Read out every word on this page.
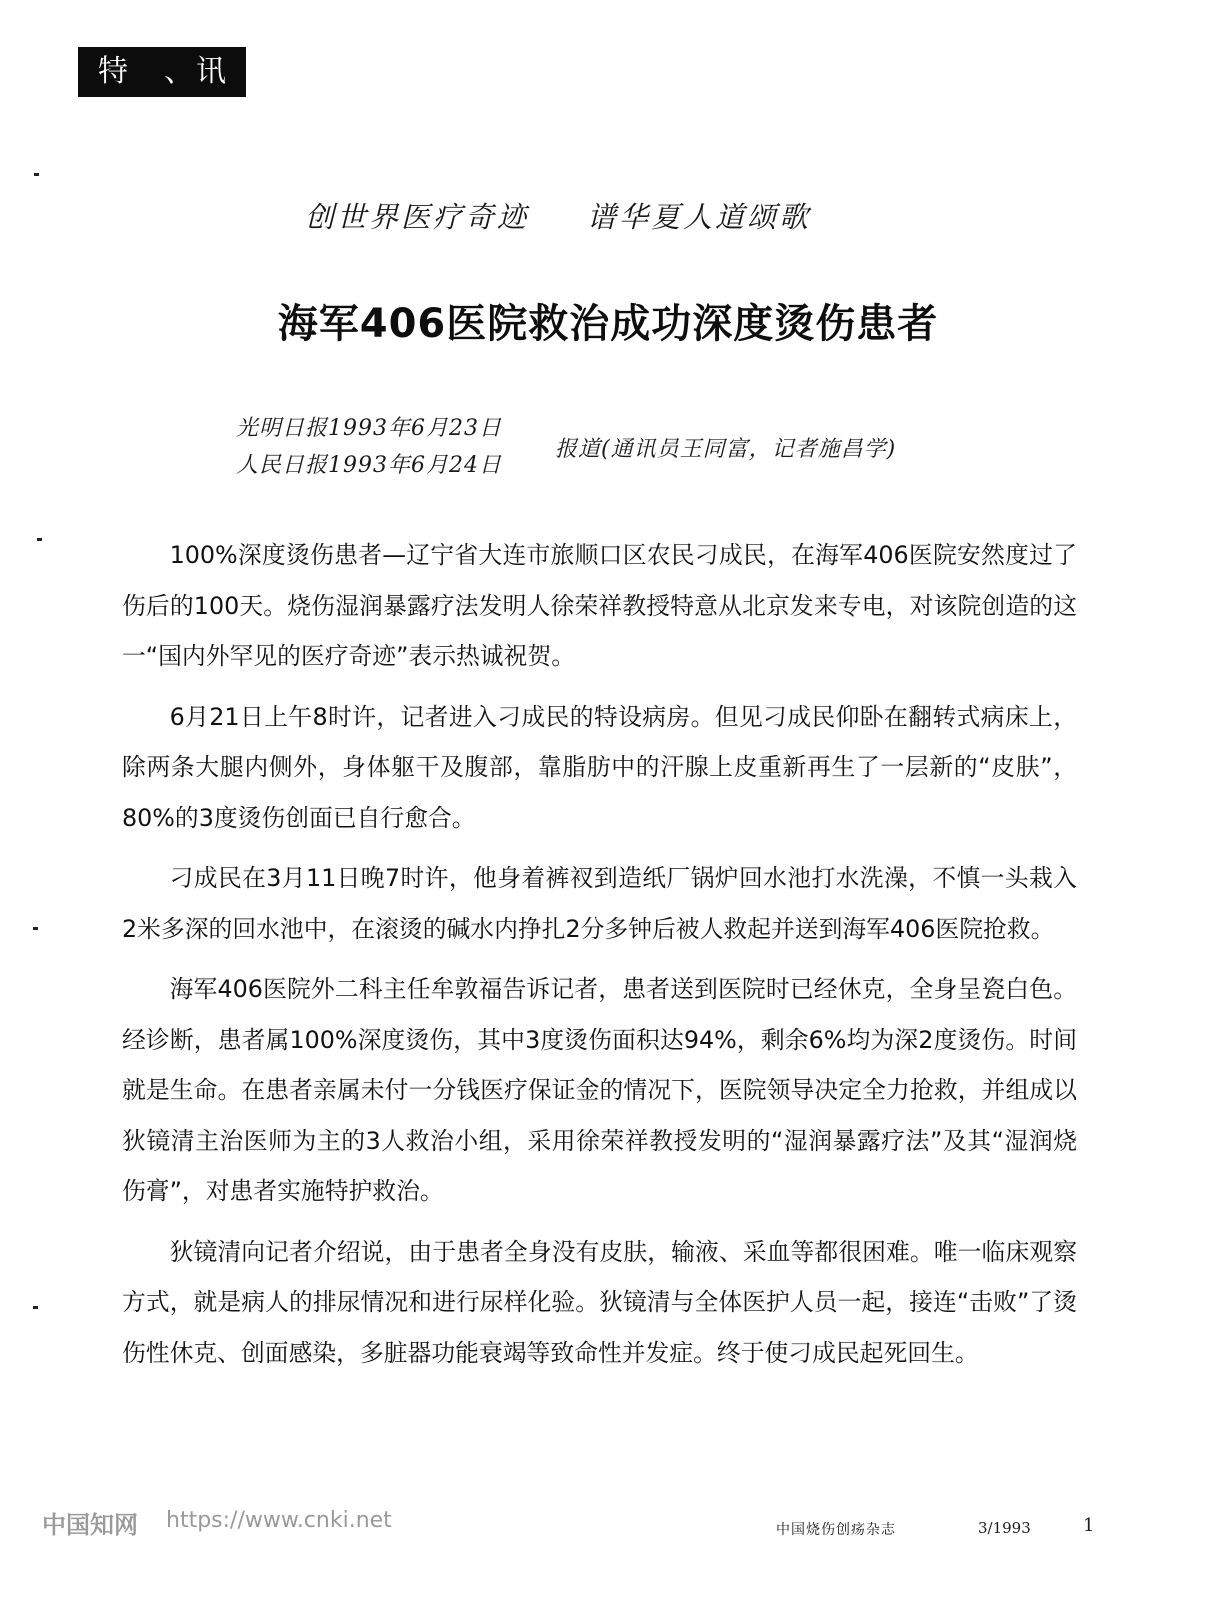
特 、讯
创世界医疗奇迹 谱华夏人道颂歌
海军406医院救治成功深度烫伤患者
光明日报1993年6月23日
人民日报1993年6月24日
报道(通讯员王同富，记者施昌学)

100%深度烫伤患者—辽宁省大连市旅顺口区农民刁成民，在海军406医院安然度过了伤后的100天。烧伤湿润暴露疗法发明人徐荣祥教授特意从北京发来专电，对该院创造的这一“国内外罕见的医疗奇迹”表示热诚祝贺。

6月21日上午8时许，记者进入刁成民的特设病房。但见刁成民仰卧在翻转式病床上，除两条大腿内侧外，身体躯干及腹部，靠脂肪中的汗腺上皮重新再生了一层新的“皮肤”，80%的3度烫伤创面已自行愈合。

刁成民在3月11日晚7时许，他身着裤衩到造纸厂锅炉回水池打水洗澡，不慎一头栽入2米多深的回水池中，在滚烫的碱水内挣扎2分多钟后被人救起并送到海军406医院抢救。

海军406医院外二科主任牟敦福告诉记者，患者送到医院时已经休克，全身呈瓷白色。经诊断，患者属100%深度烫伤，其中3度烫伤面积达94%，剩余6%均为深2度烫伤。时间就是生命。在患者亲属未付一分钱医疗保证金的情况下，医院领导决定全力抢救，并组成以狄镜清主治医师为主的3人救治小组，采用徐荣祥教授发明的“湿润暴露疗法”及其“湿润烧伤膏”，对患者实施特护救治。

狄镜清向记者介绍说，由于患者全身没有皮肤，输液、采血等都很困难。唯一临床观察方式，就是病人的排尿情况和进行尿样化验。狄镜清与全体医护人员一起，接连“击败”了烫伤性休克、创面感染，多脏器功能衰竭等致命性并发症。终于使刁成民起死回生。

中国知网 https://www.cnki.net	中国烧伤创疡杂志	3/1993	1
